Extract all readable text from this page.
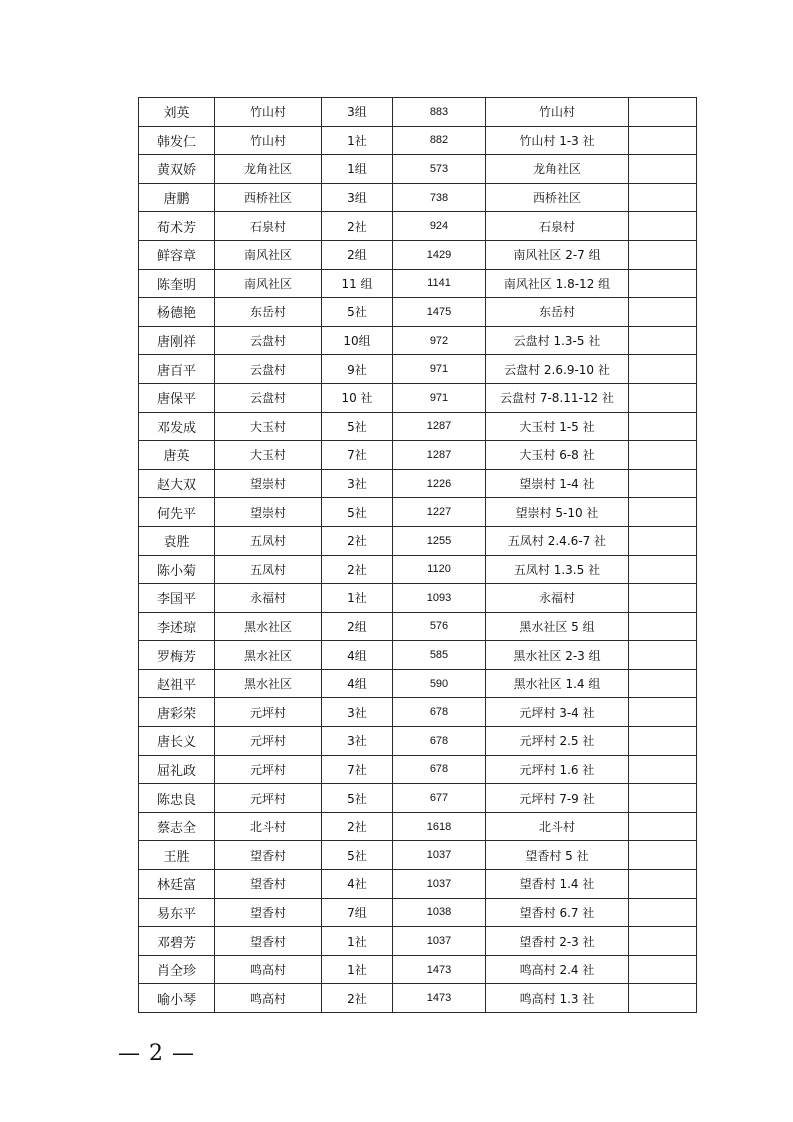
刘英	竹山村	3组	883	竹山村	
韩发仁	竹山村	1社	882	竹山村 1-3 社	
黄双娇	龙角社区	1组	573	龙角社区	
唐鹏	西桥社区	3组	738	西桥社区	
荀术芳	石泉村	2社	924	石泉村	
鲜容章	南风社区	2组	1429	南风社区 2-7 组	
陈奎明	南风社区	11 组	1141	南风社区 1.8-12 组	
杨德艳	东岳村	5社	1475	东岳村	
唐刚祥	云盘村	10组	972	云盘村 1.3-5 社	
唐百平	云盘村	9社	971	云盘村 2.6.9-10 社	
唐保平	云盘村	10 社	971	云盘村 7-8.11-12 社	
邓发成	大玉村	5社	1287	大玉村 1-5 社	
唐英	大玉村	7社	1287	大玉村 6-8 社	
赵大双	望崇村	3社	1226	望崇村 1-4 社	
何先平	望崇村	5社	1227	望崇村 5-10 社	
袁胜	五凤村	2社	1255	五凤村 2.4.6-7 社	
陈小菊	五凤村	2社	1120	五凤村 1.3.5 社	
李国平	永福村	1社	1093	永福村	
李述琼	黑水社区	2组	576	黑水社区 5 组	
罗梅芳	黑水社区	4组	585	黑水社区 2-3 组	
赵祖平	黑水社区	4组	590	黑水社区 1.4 组	
唐彩荣	元坪村	3社	678	元坪村 3-4 社	
唐长义	元坪村	3社	678	元坪村 2.5 社	
屈礼政	元坪村	7社	678	元坪村 1.6 社	
陈忠良	元坪村	5社	677	元坪村 7-9 社	
蔡志全	北斗村	2社	1618	北斗村	
王胜	望香村	5社	1037	望香村 5 社	
林廷富	望香村	4社	1037	望香村 1.4 社	
易东平	望香村	7组	1038	望香村 6.7 社	
邓碧芳	望香村	1社	1037	望香村 2-3 社	
肖全珍	鸣高村	1社	1473	鸣高村 2.4 社	
喻小琴	鸣高村	2社	1473	鸣高村 1.3 社	
— 2 —
